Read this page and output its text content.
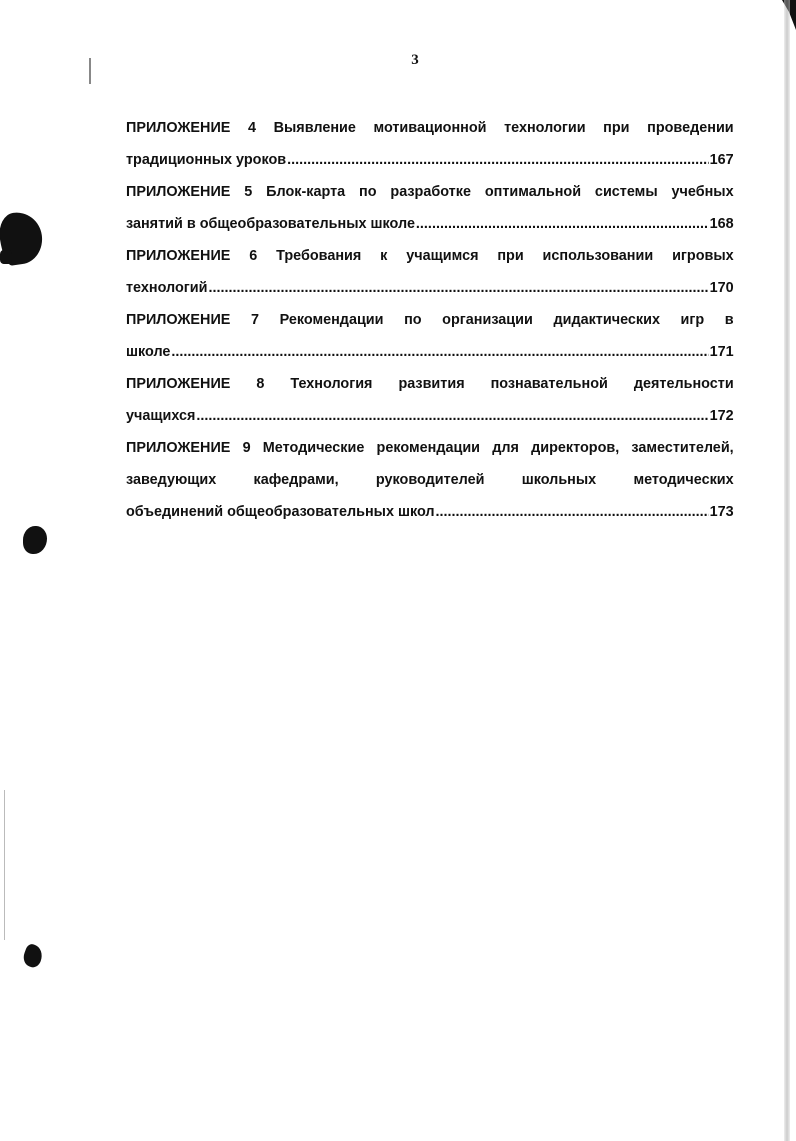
3
ПРИЛОЖЕНИЕ 4 Выявление мотивационной технологии при проведении
традиционных уроков .....	167
ПРИЛОЖЕНИЕ 5 Блок-карта по разработке оптимальной системы учебных
занятий в общеобразовательных школе .....	168
ПРИЛОЖЕНИЕ 6 Требования к учащимся при использовании игровых
технологий .....	170
ПРИЛОЖЕНИЕ 7 Рекомендации по организации дидактических игр в
школе .....	171
ПРИЛОЖЕНИЕ 8 Технология развития познавательной деятельности
учащихся .....	172
ПРИЛОЖЕНИЕ 9 Методические рекомендации для директоров, заместителей,
заведующих кафедрами, руководителей школьных методических
объединений общеобразовательных школ .....	173
